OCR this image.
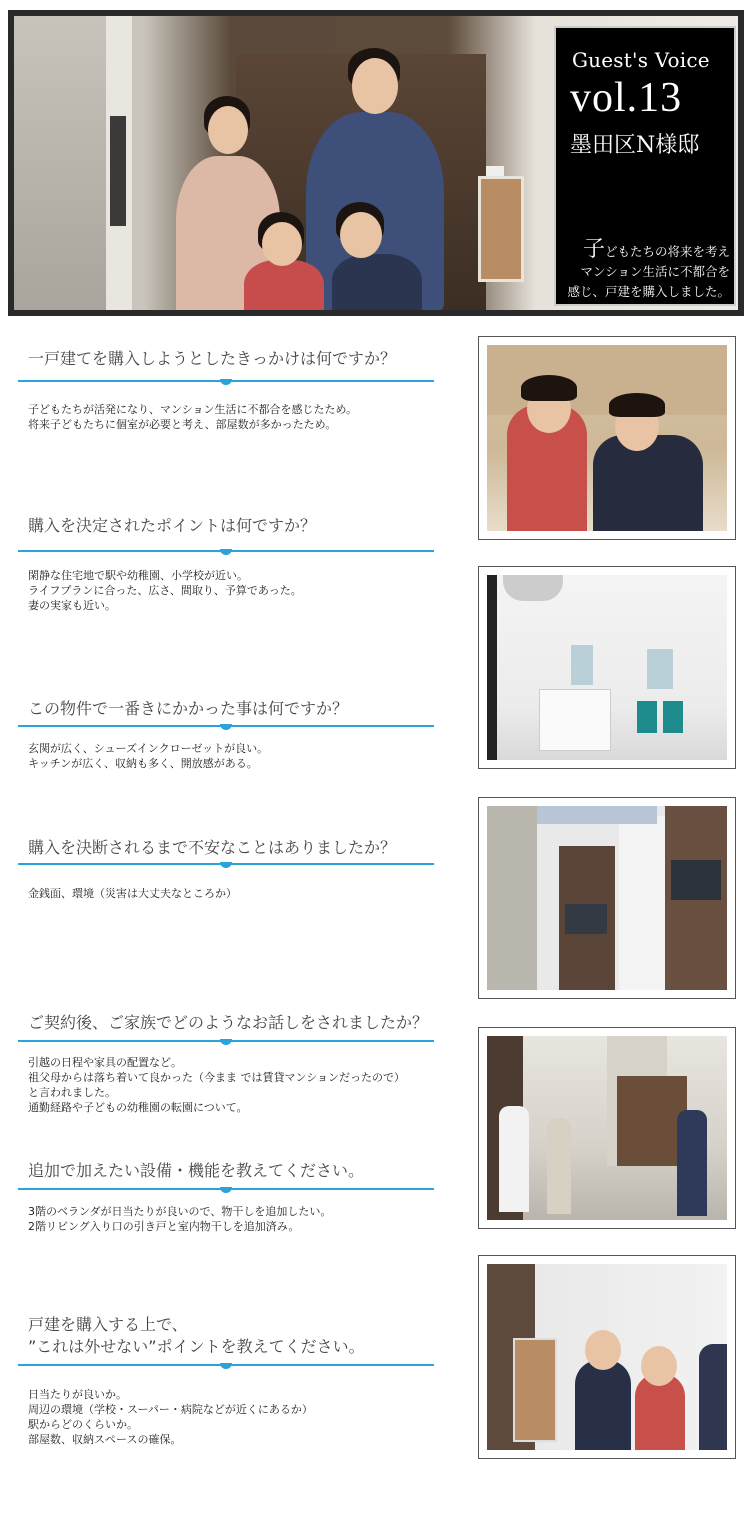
Guest's Voice
vol.13
墨田区N様邸
子どもたちの将来を考え
マンション生活に不都合を
感じ、戸建を購入しました。
一戸建てを購入しようとしたきっかけは何ですか？
子どもたちが活発になり、マンション生活に不都合を感じたため。
将来子どもたちに個室が必要と考え、部屋数が多かったため。
購入を決定されたポイントは何ですか？
閑静な住宅地で駅や幼稚園、小学校が近い。
ライフプランに合った、広さ、間取り、予算であった。
妻の実家も近い。
この物件で一番きにかかった事は何ですか？
玄関が広く、シューズインクローゼットが良い。
キッチンが広く、収納も多く、開放感がある。
購入を決断されるまで不安なことはありましたか？
金銭面、環境（災害は大丈夫なところか）
ご契約後、ご家族でどのようなお話しをされましたか？
引越の日程や家具の配置など。
祖父母からは落ち着いて良かった（今まま では賃貸マンションだったので）
と言われました。
通勤経路や子どもの幼稚園の転園について。
追加で加えたい設備・機能を教えてください。
3階のベランダが日当たりが良いので、物干しを追加したい。
2階リビング入り口の引き戸と室内物干しを追加済み。
戸建を購入する上で、
”これは外せない”ポイントを教えてください。
日当たりが良いか。
周辺の環境（学校・スーパー・病院などが近くにあるか）
駅からどのくらいか。
部屋数、収納スペースの確保。
